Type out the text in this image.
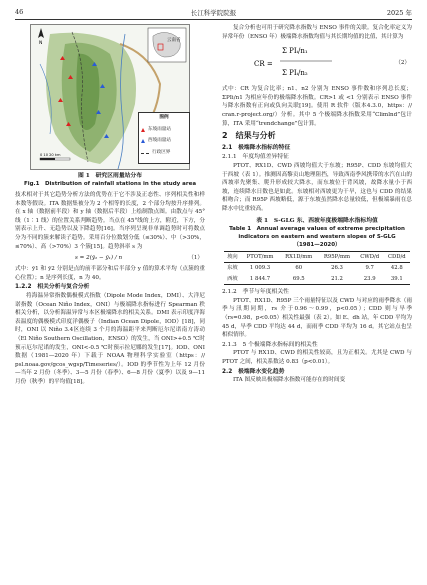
46	长江科学院院报	2025 年
云南省
N
0 10 20 km
图例
东坡雨量站
西坡雨量站
行政区界
图 1　研究区雨量站分布
Fig.1　Distribution of rainfall stations in the study area

技术相对于其它趋势分析方法的优势在于它不涉及正态性、序列相关性和样本数等假设。ITA 数据集被分为 2 个相等的长度，2 个部分均按升序排列。在 x 轴（数据前半段）和 y 轴（数据后半段）上绘制散点图。由散点与 45°线（1∶1 线）的位置关系判断趋势。当点在 45°线的上方，附近，下方，分别表示上升、无趋势以及下降趋势[16]。当序列呈现非单调趋势时可将数点分为不同的簇来解读子趋势。采用百分位数划分低（≤30%）、中（>30%，≤70%）、高（>70%）3 个簇[15]。趋势斜率 s 为

s = 2(ȳ₂ − ȳ₁) / n	（1）

式中：ȳ1 和 ȳ2 分别是点的前半部分和后半部分 y 值的算术平均（点簇的重心位置）；n 是序列长度，n 为 40。

1.2.2　相关分析与复合分析

将海温异常指数偶极模式指数（Dipole Mode Index，DMI）、大洋尼诺指数（Ocean Niño Index，ONI）与极端降水指标进行 Spearman 秩相关分析，以分析海温异常与本区极端降水的相关关系。DMI 表示印度洋海表温度的偶极模式印度洋偶极子（Indian Ocean Dipole，IOD）[18]，同时，ONI 以 Niño 3.4区连续 3 个月的海温距平来判断厄尔尼诺南方涛动（El Niño Southern Oscillation，ENSO）的发生，当 ONI>+0.5 ℃时预示厄尔尼诺的发生，ONI<-0.5 ℃时预示拉尼娜的发生[17]。IOD、ONI 数据（1981—2020 年）下载于 NOAA 物理科学实验室（https：// psl.noaa.gov/gcos_wgsp/Timeseries/）。IOD 的季节性为上年 12 月份—当年 2 月份（冬季）、3—5 月份（春季）、6—8 月份（夏季）以及 9—11 月份（秋季）的平均值[18]。

复合分析也可用于研究降水指数与 ENSO 事件的关联。复合化率定义为异常年份（ENSO 年）极端降水指数均值与其长期均值的比值，其计算为

CR =
Σ PIᵢ/n₁
Σ PIᵢ/n₂
（2）

式中：CR 为复合比率；n1、n2 分别为 ENSO 事件数和序列总长度；ΣPIi/n1 为相应年份的极端降水指数。CR>1 或 <1 分别表示 ENSO 事件与降水指数有正向或负向关联[19]。使用 R 软件（版本4.3.0，https：// cran.r-project.org/）分析。其中 5 个极端降水指数采用“Climlnd”包计算，ITA 采用“trendchange”包计算。

2　结果与分析
2.1　极端降水指标的特征
2.1.1　年度均值差异特征

PTOT、RX1D、CWD 西坡均值大于东坡；R95P、CDD 东坡均值大于西坡（表 1）。推测因高黎贡山地理阻挡，导致西南季风携带的水汽在山的西坡率先聚集、爬升形成较大降水，而东坡位于背风坡，故降水量小于西坡，连续降水日数也是如此。东坡相对西坡更为干旱，这也与 CDD 的结果相吻合；而 R95P 西坡略低，源于东坡虽然降水总量较低，但极端暴雨在总降水中比重较高。

表 1　S-GLG 东、西坡年度极端降水指标均值
Table 1　Annual average values of extreme precipitation
indicators on eastern and western slopes of S-GLG
（1981—2020）
坡向	PTOT/mm	RX1D/mm	R95P/mm	CWD/d	CDD/d
东坡	1 009.3	60	26.3	9.7	42.8
西坡	1 844.7	69.5	21.2	23.9	39.1
2.1.2　季节与年度相关性

PTOT、RX1D、R95P 三个雨量特征以及 CWD 与对应的雨季降水（雨季与汛期同期，rs 介于0.96～0.99，p<0.05）；CDD 则与旱季（rs=0.98，p<0.05）相关性最强（表 2）。如 E、dh 站，年 CDD 平均为 45 d，旱季 CDD 平均达 44 d，而雨季 CDD 平均为 16 d。其它站点也呈相似情形。

2.1.3　5 个极端降水指标间的相关性

PTOT 与 RX1D、CWD 的相关性较高，且为正相关。尤其是 CWD 与 PTOT 之间，相关系数达 0.83（p<0.01）。

2.2　极端降水变化趋势

ITA 图反映出极端降水指数可能存在的时间变
